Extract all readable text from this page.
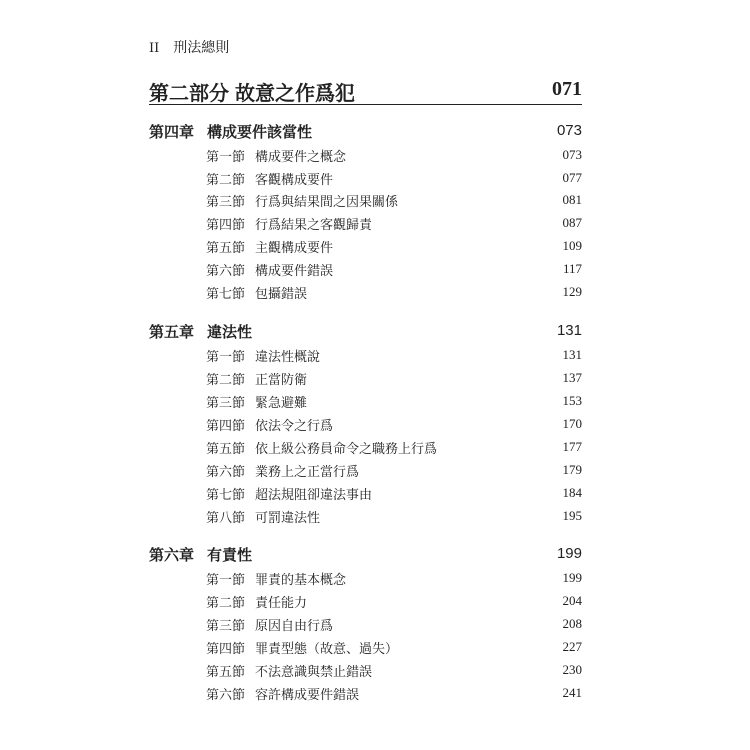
II 刑法總則
第二部分 故意之作爲犯	071
第四章 構成要件該當性	073
第一節 構成要件之概念	073
第二節 客觀構成要件	077
第三節 行爲與結果間之因果關係	081
第四節 行爲結果之客觀歸責	087
第五節 主觀構成要件	109
第六節 構成要件錯誤	117
第七節 包攝錯誤	129
第五章 違法性	131
第一節 違法性概說	131
第二節 正當防衛	137
第三節 緊急避難	153
第四節 依法令之行爲	170
第五節 依上級公務員命令之職務上行爲	177
第六節 業務上之正當行爲	179
第七節 超法規阻卻違法事由	184
第八節 可罰違法性	195
第六章 有責性	199
第一節 罪責的基本概念	199
第二節 責任能力	204
第三節 原因自由行爲	208
第四節 罪責型態（故意、過失）	227
第五節 不法意識與禁止錯誤	230
第六節 容許構成要件錯誤	241
